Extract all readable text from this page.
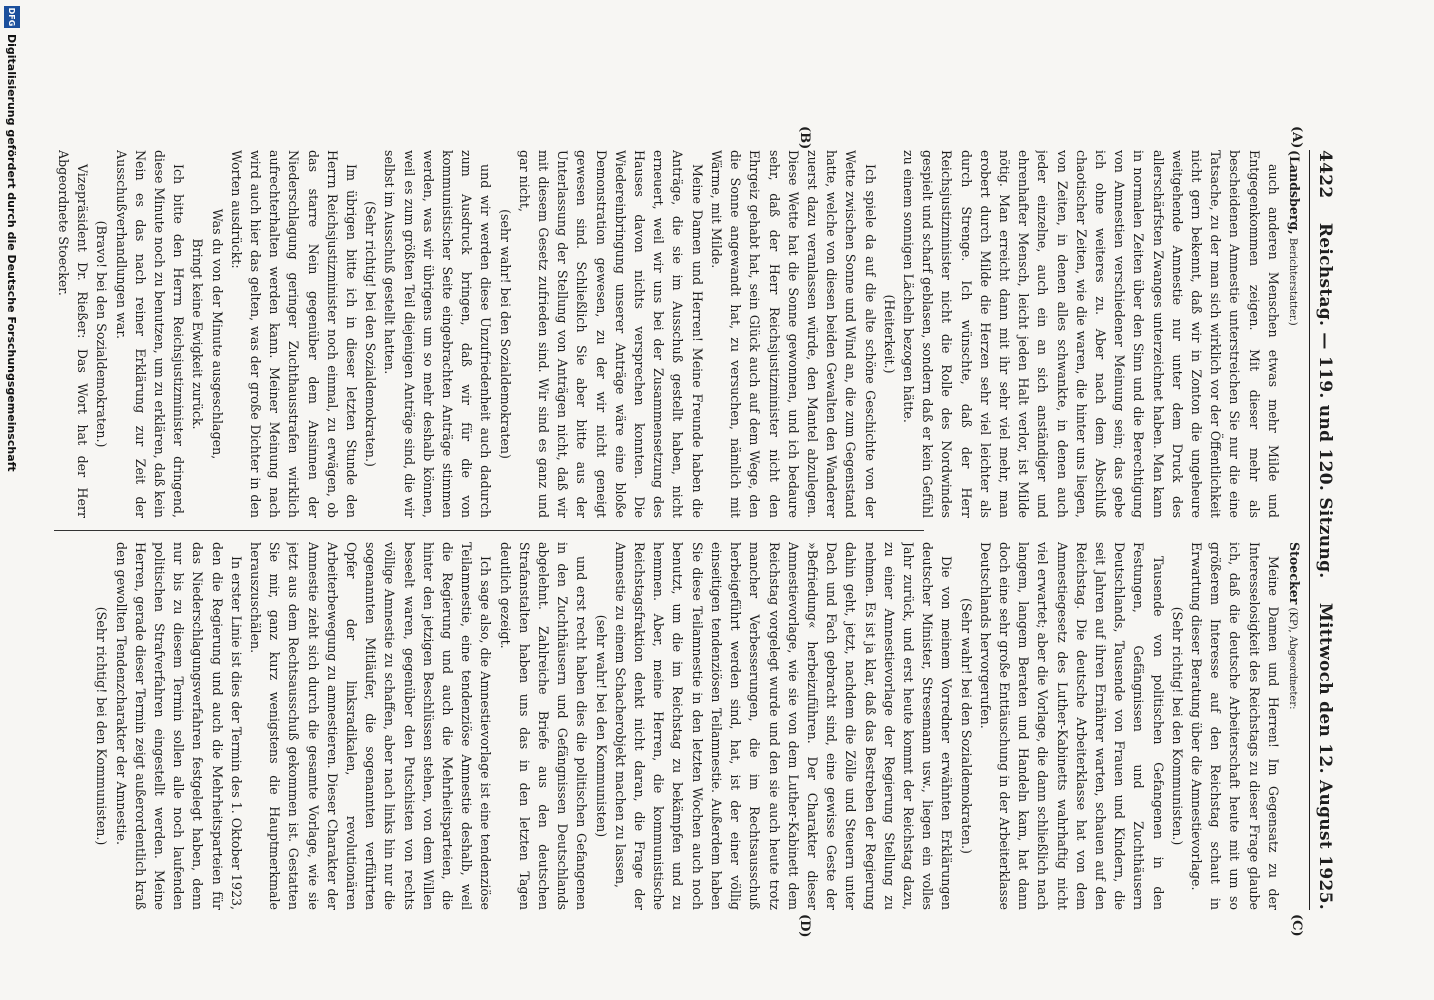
4422
Reichstag. — 119. und 120. Sitzung.
Mittwoch den 12. August 1925.
(A)
(B)
(C)
(D)

(Landsberg, Berichterstatter.)

auch anderen Menschen etwas mehr Milde und Entgegenkommen zeigen. Mit dieser mehr als bescheidenen Amnestie unterstreichen Sie nur die eine Tatsache, zu der man sich wirklich vor der Öffentlichkeit nicht gern bekennt, daß wir in Zonton die ungeheure weitgehende Amnestie nur unter dem Druck des allerschärfsten Zwanges unterzeichnet haben. Man kann in normalen Zeiten über den Sinn und die Berechtigung von Amnestien verschiedener Meinung sein; das gebe ich ohne weiteres zu. Aber nach dem Abschluß chaotischer Zeiten, wie die waren, die hinter uns liegen, von Zeiten, in denen alles schwankte, in denen auch jeder einzelne, auch ein an sich anständiger und ehrenhafter Mensch, leicht jeden Halt verlor, ist Milde nötig. Man erreicht dann mit ihr sehr viel mehr, man erobert durch Milde die Herzen sehr viel leichter als durch Strenge. Ich wünschte, daß der Herr Reichsjustizminister nicht die Rolle des Nordwindes gespielt und scharf geblasen, sondern daß er kein Gefühl zu einem sonnigen Lächeln bezogen hätte.

(Heiterkeit.)

Ich spiele da auf die alte schöne Geschichte von der Wette zwischen Sonne und Wind an, die zum Gegenstand hatte, welche von diesen beiden Gewalten den Wanderer zuerst dazu veranlassen würde, den Mantel abzulegen. Diese Wette hat die Sonne gewonnen, und ich bedaure sehr, daß der Herr Reichsjustizminister nicht den Ehrgeiz gehabt hat, sein Glück auch auf dem Wege, den die Sonne angewandt hat, zu versuchen, nämlich mit Wärme, mit Milde.

Meine Damen und Herren! Meine Freunde haben die Anträge, die sie im Ausschuß gestellt haben, nicht erneuert, weil wir uns bei der Zusammensetzung des Hauses davon nichts versprechen konnten. Die Wiedereinbringung unserer Anträge wäre eine bloße Demonstration gewesen, zu der wir nicht geneigt gewesen sind. Schließlich Sie aber bitte aus der Unterlassung der Stellung von Anträgen nicht, daß wir mit diesem Gesetz zufrieden sind. Wir sind es ganz und gar nicht,

(sehr wahr! bei den Sozialdemokraten)

und wir werden diese Unzufriedenheit auch dadurch zum Ausdruck bringen, daß wir für die von kommunistischer Seite eingebrachten Anträge stimmen werden, was wir übrigens um so mehr deshalb können, weil es zum größten Teil diejenigen Anträge sind, die wir selbst im Ausschuß gestellt hatten.

(Sehr richtig! bei den Sozialdemokraten.)

Im übrigen bitte ich in dieser letzten Stunde den Herrn Reichsjustizminister noch einmal, zu erwägen, ob das starre Nein gegenüber dem Ansinnen der Niederschlagung geringer Zuchthausstrafen wirklich aufrechterhalten werden kann. Meiner Meinung nach wird auch hier das gelten, was der große Dichter in den Worten ausdrückt:

Was du von der Minute ausgeschlagen,

Bringt keine Ewigkeit zurück.

Ich bitte den Herrn Reichsjustizminister dringend, diese Minute noch zu benutzen, um zu erklären, daß kein Nein es das nach reiner Erklärung zur Zeit der Ausschußverhandlungen war.

(Bravo! bei den Sozialdemokraten.)

Vizepräsident Dr. Rießer: Das Wort hat der Herr Abgeordnete Stoecker.

Stoecker (KP), Abgeordneter:

Meine Damen und Herren! Im Gegensatz zu der Interesselosigkeit des Reichstags zu dieser Frage glaube ich, daß die deutsche Arbeiterschaft heute mit um so größerem Interesse auf den Reichstag schaut in Erwartung dieser Beratung über die Amnestievorlage.

(Sehr richtig! bei den Kommunisten.)

Tausende von politischen Gefangenen in den Festungen, Gefängnissen und Zuchthäusern Deutschlands, Tausende von Frauen und Kindern, die seit Jahren auf ihren Ernährer warten, schauen auf den Reichstag. Die deutsche Arbeiterklasse hat von dem Amnestiegesetz des Luther-Kabinetts wahrhaftig nicht viel erwartet; aber die Vorlage, die dann schließlich nach langem, langem Beraten und Handeln kam, hat dann doch eine sehr große Enttäuschung in der Arbeiterklasse Deutschlands hervorgerufen.

(Sehr wahr! bei den Sozialdemokraten.)

Die von meinem Vorredner erwähnten Erklärungen deutscher Minister, Stresemann usw., liegen ein volles Jahr zurück, und erst heute kommt der Reichstag dazu, zu einer Amnestievorlage der Regierung Stellung zu nehmen. Es ist ja klar, daß das Bestreben der Regierung dahin geht, jetzt, nachdem die Zölle und Steuern unter Dach und Fach gebracht sind, eine gewisse Geste der »Befriedung« herbeizuführen. Der Charakter dieser Amnestievorlage, wie sie von dem Luther-Kabinett dem Reichstag vorgelegt wurde und den sie auch heute trotz mancher Verbesserungen, die im Rechtsausschuß herbeigeführt werden sind, hat, ist der einer völlig einseitigen tendenziösen Teilamnestie. Außerdem haben Sie diese Teilamnestie in den letzten Wochen auch noch benutzt, um die im Reichstag zu bekämpfen und zu hemmen. Aber, meine Herren, die kommunistische Reichstagsfraktion denkt nicht daran, die Frage der Amnestie zu einem Schacherobjekt machen zu lassen,

(sehr wahr! bei den Kommunisten)

und erst recht haben dies die politischen Gefangenen in den Zuchthäusern und Gefängnissen Deutschlands abgelehnt. Zahlreiche Briefe aus den deutschen Strafanstalten haben uns das in den letzten Tagen deutlich gezeigt.

Ich sage also, die Amnestievorlage ist eine tendenziöse Teilamnestie, eine tendenziöse Amnestie deshalb, weil die Regierung und auch die Mehrheitsparteien, die hinter den jetzigen Beschlüssen stehen, von dem Willen beseelt waren, gegenüber den Putschisten von rechts völlige Amnestie zu schaffen, aber nach links hin nur die sogenannten Mitläufer, die sogenannten verführten Opfer der linksradikalen, revolutionären Arbeiterbewegung zu amnestieren. Dieser Charakter der Amnestie zieht sich durch die gesamte Vorlage, wie sie jetzt aus dem Rechtsausschuß gekommen ist. Gestatten Sie mir, ganz kurz wenigstens die Hauptmerkmale herauszuschälen.

In erster Linie ist dies der Termin des 1. Oktober 1923, den die Regierung und auch die Mehrheitsparteien für das Niederschlagungsverfahren festgelegt haben, denn nur bis zu diesem Termin sollen alle noch laufenden politischen Strafverfahren eingestellt werden. Meine Herren, gerade dieser Termin zeigt außerordentlich kraß den gewollten Tendenzcharakter der Amnestie.

(Sehr richtig! bei den Kommunisten.)

DFG
Digitalisierung gefördert durch die Deutsche Forschungsgemeinschaft
